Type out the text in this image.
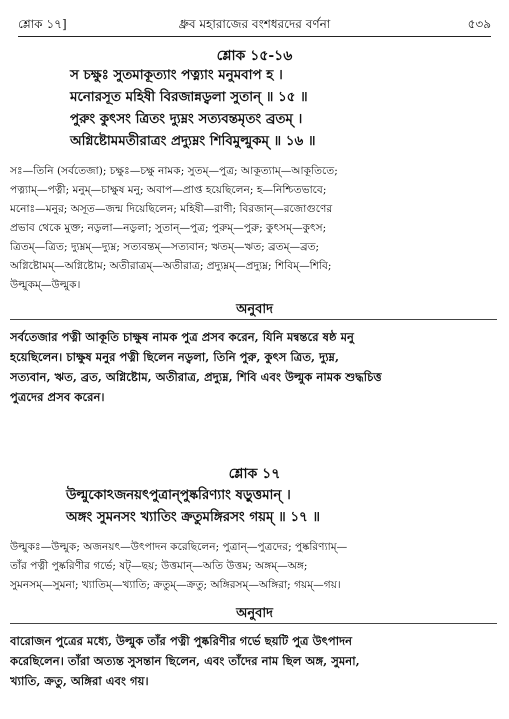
শ্লোক ১৭]	ধ্রুব মহারাজের বংশধরদের বর্ণনা	৫৩৯
শ্লোক ১৫-১৬
স চক্ষুঃ সুতমাকূত্যাং পত্ন্যাং মনুমবাপ হ ।
মনোরসূত মহিষী বিরজান্নড্বলা সুতান্ ॥ ১৫ ॥
পুরুং কুৎসং ত্রিতং দ্যুম্নং সত্যবন্তমৃতং ব্রতম্ ।
অগ্নিষ্টোমমতীরাত্রং প্রদ্যুম্নং শিবিমুল্মুকম্ ॥ ১৬ ॥
সঃ—তিনি (সর্বতেজা); চক্ষুঃ—চক্ষু নামক; সুতম্—পুত্র; আকূত্যাম্—আকূতিতে;
পত্ন্যাম্—পত্নী; মনুম্—চাক্ষুষ মনু; অবাপ—প্রাপ্ত হয়েছিলেন; হ—নিশ্চিতভাবে;
মনোঃ—মনুর; অসূত—জন্ম দিয়েছিলেন; মহিষী—রাণী; বিরজান্—রজোগুণের
প্রভাব থেকে মুক্ত; নড্বলা—নড্বলা; সুতান্—পুত্র; পুরুম্—পুরু; কুৎসম্—কুৎস;
ত্রিতম্—ত্রিত; দ্যুম্নম্—দ্যুম্ন; সত্যবন্তম্—সত্যবান; ঋতম্—ঋত; ব্রতম্—ব্রত;
অগ্নিষ্টোমম্—অগ্নিষ্টোম; অতীরাত্রম্—অতীরাত্র; প্রদ্যুম্নম্—প্রদ্যুম্ন; শিবিম্—শিবি;
উল্মুকম্—উল্মুক।
অনুবাদ
সর্বতেজার পত্নী আকূতি চাক্ষুষ নামক পুত্র প্রসব করেন, যিনি মন্বন্তরে ষষ্ঠ মনু
হয়েছিলেন। চাক্ষুষ মনুর পত্নী ছিলেন নড্বলা, তিনি পুরু, কুৎস ত্রিত, দ্যুম্ন,
সত্যবান, ঋত, ব্রত, অগ্নিষ্টোম, অতীরাত্র, প্রদ্যুম্ন, শিবি এবং উল্মুক নামক শুদ্ধচিত্ত
পুত্রদের প্রসব করেন।
শ্লোক ১৭
উল্মুকোঽজনয়ৎপুত্রান্পুষ্করিণ্যাং ষড়ুত্তমান্ ।
অঙ্গং সুমনসং খ্যাতিং ক্রতুমঙ্গিরসং গয়ম্ ॥ ১৭ ॥
উল্মুকঃ—উল্মুক; অজনয়ৎ—উৎপাদন করেছিলেন; পুত্রান্—পুত্রদের; পুষ্করিণ্যাম্—
তাঁর পত্নী পুষ্করিণীর গর্ভে; ষট্—ছয়; উত্তমান্—অতি উত্তম; অঙ্গম্—অঙ্গ;
সুমনসম্—সুমনা; খ্যাতিম্—খ্যাতি; ক্রতুম্—ক্রতু; অঙ্গিরসম্—অঙ্গিরা; গয়ম্—গয়।
অনুবাদ
বারোজন পুত্রের মধ্যে, উল্মুক তাঁর পত্নী পুষ্করিণীর গর্ভে ছয়টি পুত্র উৎপাদন
করেছিলেন। তাঁরা অত্যন্ত সুসন্তান ছিলেন, এবং তাঁদের নাম ছিল অঙ্গ, সুমনা,
খ্যাতি, ক্রতু, অঙ্গিরা এবং গয়।
